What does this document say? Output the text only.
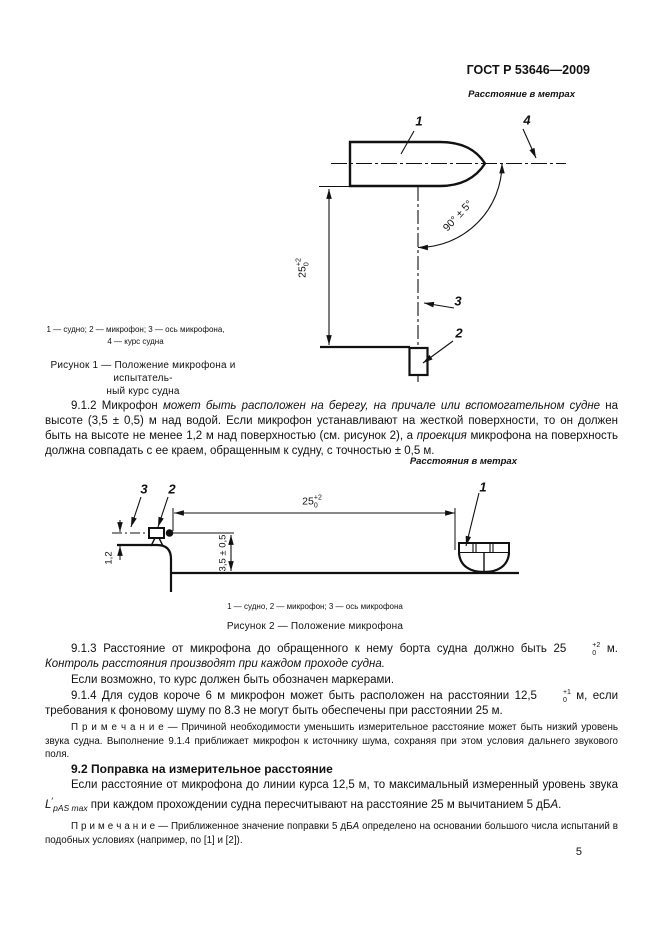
ГОСТ Р 53646—2009
Расстояние в метрах
1	4
3
2
25
+2 0
90° ± 5°
1 — судно; 2 — микрофон; 3 — ось микрофона,
4 — курс судна
Рисунок 1 — Положение микрофона и испытатель-
ный курс судна
9.1.2 Микрофон может быть расположен на берегу, на причале или вспомогательном судне на высоте (3,5 ± 0,5) м над водой. Если микрофон устанавливают на жесткой поверхности, то он должен быть на высоте не менее 1,2 м над поверхностью (см. рисунок 2), а проекция микрофона на поверхность должна совпадать с ее краем, обращенным к судну, с точностью ± 0,5 м.
Расстояния в метрах
3 2	1
25 +2
0
3,5 ± 0,5
1,2
1 — судно, 2 — микрофон; 3 — ось микрофона
Рисунок 2 — Положение микрофона
9.1.3 Расстояние от микрофона до обращенного к нему борта судна должно быть 25	+2
0 м. Контроль расстояния производят при каждом проходе судна.
Если возможно, то курс должен быть обозначен маркерами.
9.1.4 Для судов короче 6 м микрофон может быть расположен на расстоянии 12,5	+1
0 м, если требования к фоновому шуму по 8.3 не могут быть обеспечены при расстоянии 25 м.
П р и м е ч а н и е — Причиной необходимости уменьшить измерительное расстояние может быть низкий уровень звука судна. Выполнение 9.1.4 приближает микрофон к источнику шума, сохраняя при этом условия дальнего звукового поля.
9.2 Поправка на измерительное расстояние
Если расстояние от микрофона до линии курса 12,5 м, то максимальный измеренный уровень звука $L'_{pAS max}$ при каждом прохождении судна пересчитывают на расстояние 25 м вычитанием 5 дБА.
П р и м е ч а н и е — Приближенное значение поправки 5 дБА определено на основании большого числа испытаний в подобных условиях (например, по [1] и [2]).
5
